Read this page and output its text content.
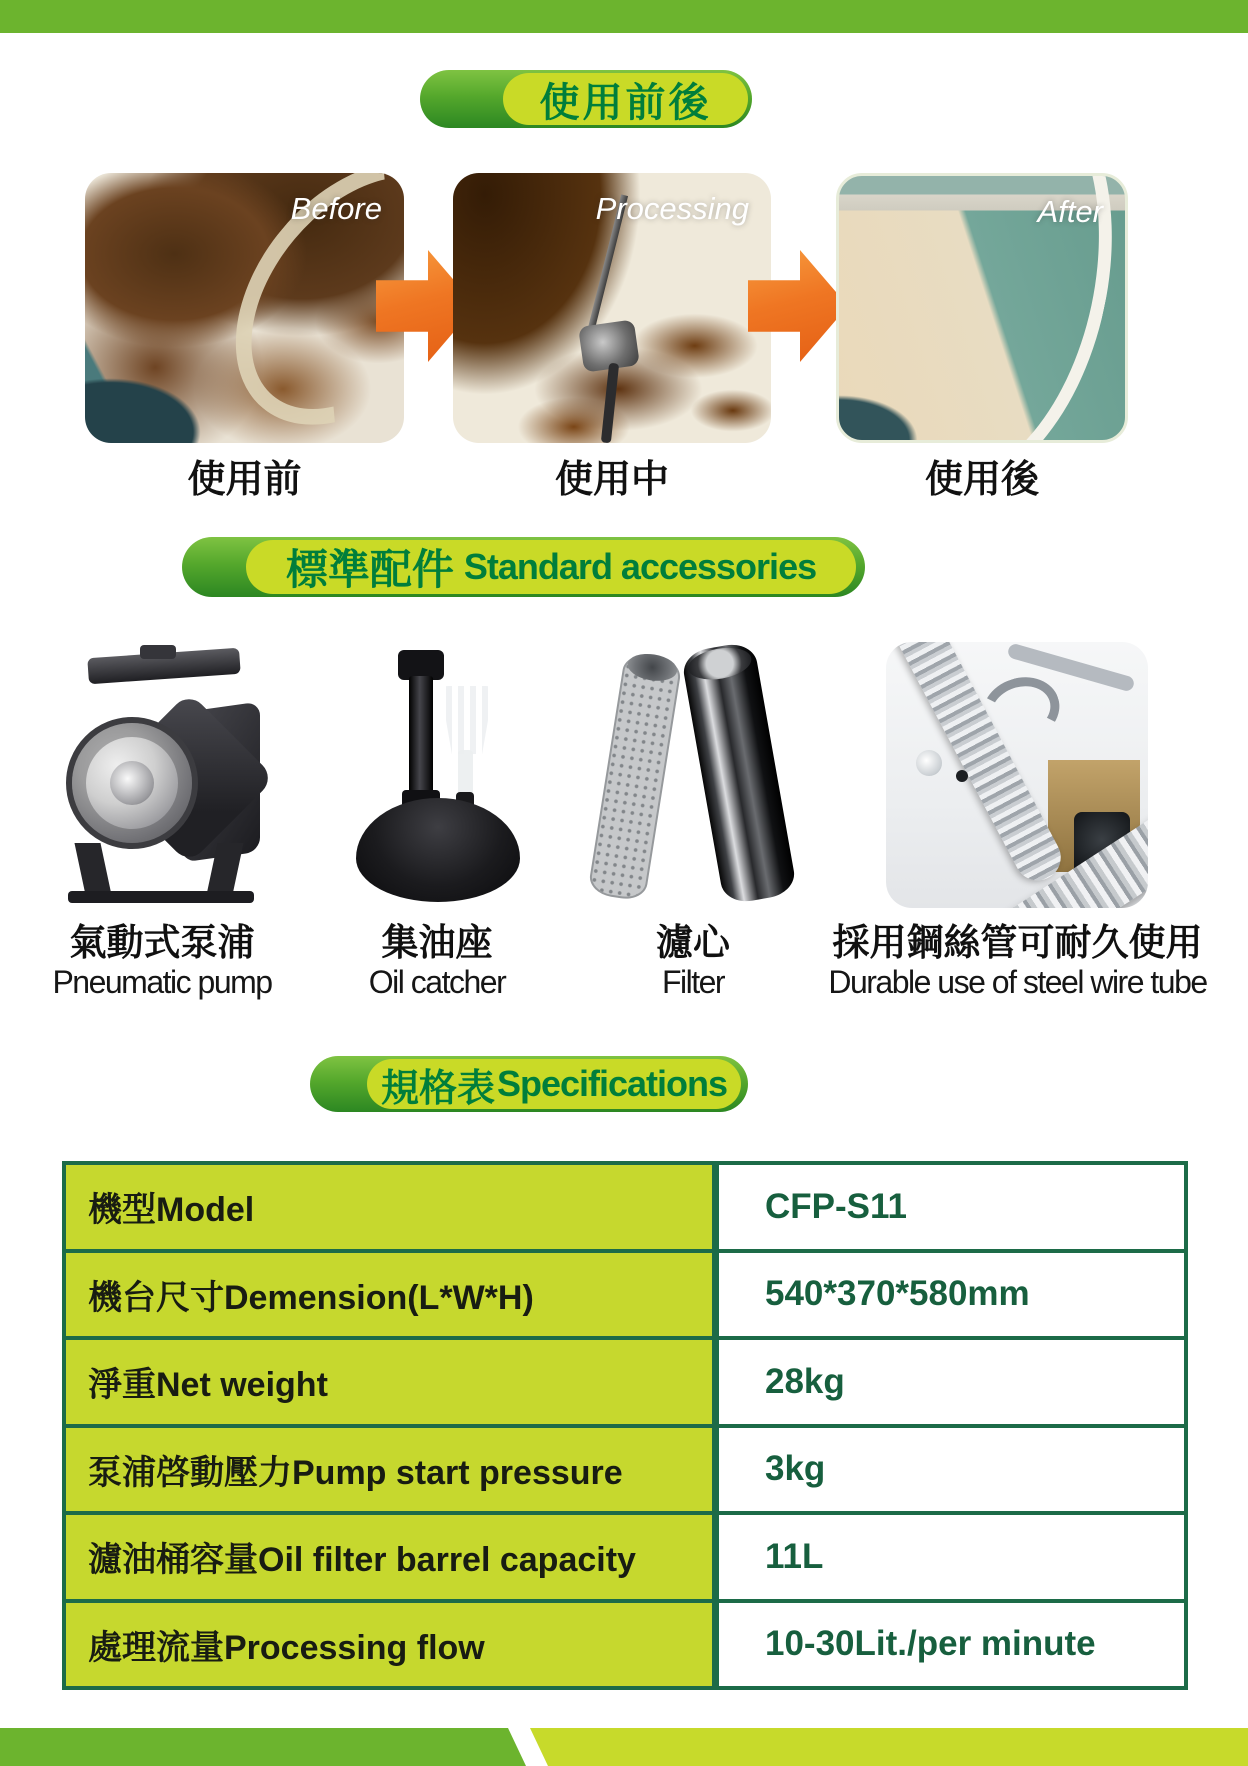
使用前後
Before	Processing	After
使用前	使用中	使用後
標準配件 Standard accessories
氣動式泵浦	集油座	濾心	採用鋼絲管可耐久使用
Pneumatic pump	Oil catcher	Filter	Durable use of steel wire tube
規格表 Specifications
機型Model	CFP-S11
機台尺寸Demension(L*W*H)	540*370*580mm
淨重Net weight	28kg
泵浦啓動壓力Pump start pressure	3kg
濾油桶容量Oil filter barrel capacity	11L
處理流量Processing flow	10-30Lit./per minute
